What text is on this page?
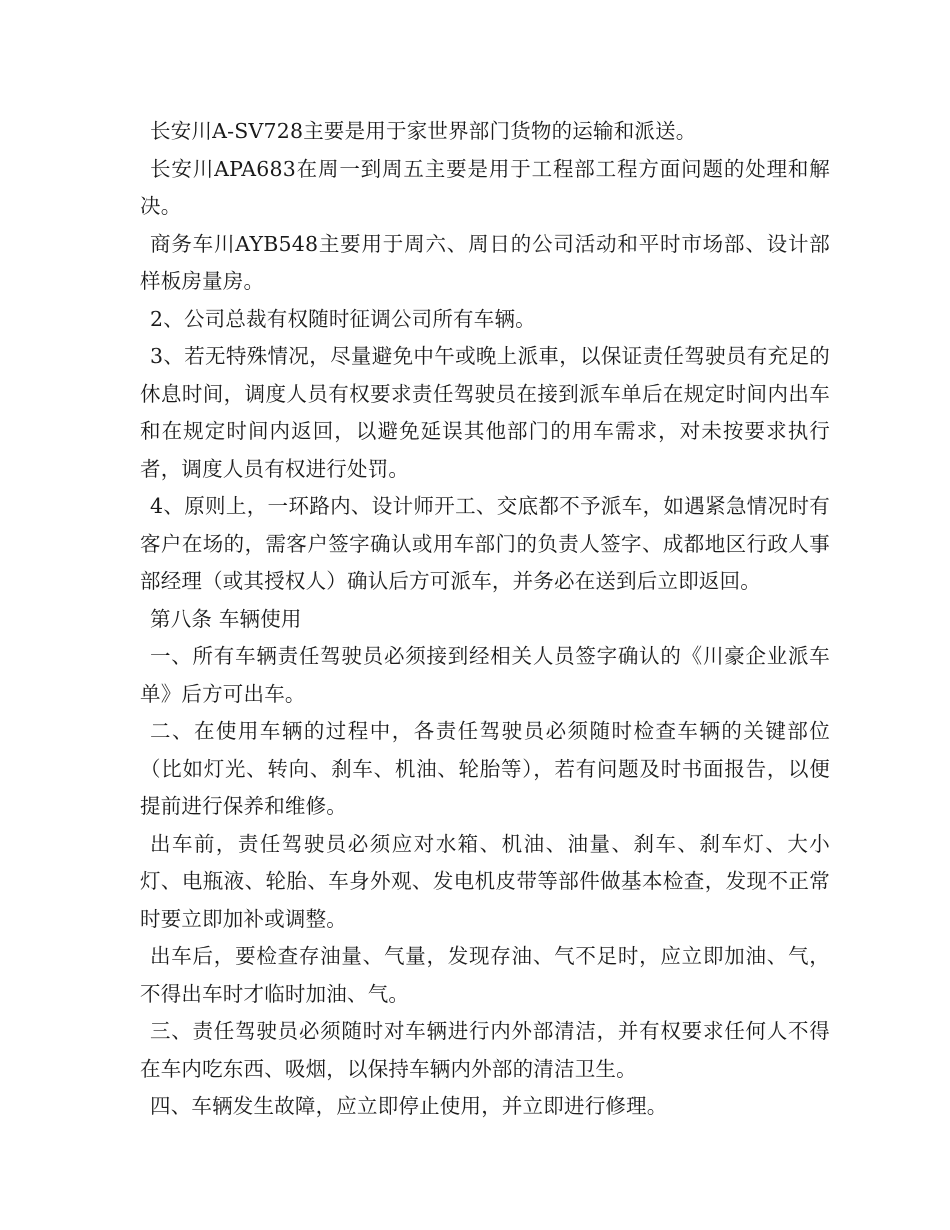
长安川A-SV728主要是用于家世界部门货物的运输和派送。

长安川APA683在周一到周五主要是用于工程部工程方面问题的处理和解决。

商务车川AYB548主要用于周六、周日的公司活动和平时市场部、设计部样板房量房。

2、公司总裁有权随时征调公司所有车辆。

3、若无特殊情况，尽量避免中午或晚上派車，以保证责任驾驶员有充足的休息时间，调度人员有权要求责任驾驶员在接到派车单后在规定时间内出车和在规定时间内返回，以避免延误其他部门的用车需求，对未按要求执行者，调度人员有权进行处罚。

4、原则上，一环路内、设计师开工、交底都不予派车，如遇紧急情况时有客户在场的，需客户签字确认或用车部门的负责人签字、成都地区行政人事部经理（或其授权人）确认后方可派车，并务必在送到后立即返回。

第八条 车辆使用

一、所有车辆责任驾驶员必须接到经相关人员签字确认的《川豪企业派车单》后方可出车。

二、在使用车辆的过程中，各责任驾驶员必须随时检查车辆的关键部位（比如灯光、转向、刹车、机油、轮胎等），若有问题及时书面报告，以便提前进行保养和维修。

出车前，责任驾驶员必须应对水箱、机油、油量、刹车、刹车灯、大小灯、电瓶液、轮胎、车身外观、发电机皮带等部件做基本检查，发现不正常时要立即加补或调整。

出车后，要检查存油量、气量，发现存油、气不足时，应立即加油、气，不得出车时才临时加油、气。

三、责任驾驶员必须随时对车辆进行内外部清洁，并有权要求任何人不得在车内吃东西、吸烟，以保持车辆内外部的清洁卫生。

四、车辆发生故障，应立即停止使用，并立即进行修理。
